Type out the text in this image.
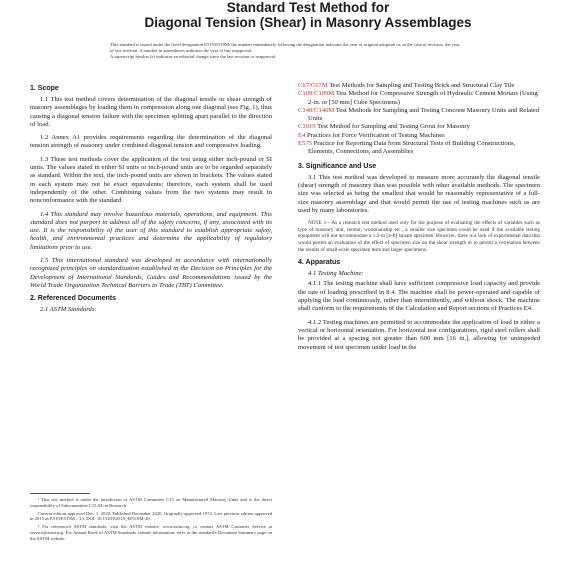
Standard Test Method for
Diagonal Tension (Shear) in Masonry Assemblages
This standard is issued under the fixed designation E519/E519M; the number immediately following the designation indicates the year of original adoption or, in the case of revision, the year of last revision. A number in parentheses indicates the year of last reapproval.
A superscript epsilon (ε) indicates an editorial change since the last revision or reapproval.
1. Scope

1.1 This test method covers determination of the diagonal tensile or shear strength of masonry assemblages by loading them in compression along one diagonal (see Fig. 1), thus causing a diagonal tension failure with the specimen splitting apart parallel to the direction of load.

1.2 Annex A1 provides requirements regarding the determination of the diagonal tension strength of masonry under combined diagonal tension and compressive loading.

1.3 These test methods cover the application of the test using either inch-pound or SI units. The values stated in either SI units or inch-pound units are to be regarded separately as standard. Within the text, the inch-pound units are shown in brackets. The values stated in each system may not be exact equivalents; therefore, each system shall be used independently of the other. Combining values from the two systems may result in nonconformance with the standard.

1.4 This standard may involve hazardous materials, operations, and equipment. This standard does not purport to address all of the safety concerns, if any, associated with its use. It is the responsibility of the user of this standard to establish appropriate safety, health, and environmental practices and determine the applicability of regulatory limitations prior to use.

1.5 This international standard was developed in accordance with internationally recognized principles on standardization established in the Decision on Principles for the Development of International Standards, Guides and Recommendations issued by the World Trade Organization Technical Barriers to Trade (TBT) Committee.

2. Referenced Documents
2.1 ASTM Standards:
C67/C67M Test Methods for Sampling and Testing Brick and Structural Clay Tile
C109/C109M Test Method for Compressive Strength of Hydraulic Cement Mortars (Using 2-in. or [50 mm] Cube Specimens)
C140/C140M Test Methods for Sampling and Testing Concrete Masonry Units and Related Units
C1019 Test Method for Sampling and Testing Grout for Masonry
E4 Practices for Force Verification of Testing Machines
E575 Practice for Reporting Data from Structural Tests of Building Constructions, Elements, Connections, and Assemblies
3. Significance and Use

3.1 This test method was developed to measure more accurately the diagonal tensile (shear) strength of masonry than was possible with other available methods. The specimen size was selected as being the smallest that would be reasonably representative of a full-size masonry assemblage and that would permit the use of testing machines such as are used by many laboratories.

NOTE 1—As a research test method used only for the purpose of evaluating the effects of variables such as type of masonry unit, mortar, workmanship etc., a smaller size specimen could be used if the available testing equipment will not accommodate a 1.2-m [4-ft] square specimen. However, there is a lack of experimental data that would permit an evaluation of the effect of specimen size on the shear strength or to permit a correlation between the results of small-scale specimen tests and larger specimens.
4. Apparatus
4.1 Testing Machine:

4.1.1 The testing machine shall have sufficient compressive load capacity and provide the rate of loading prescribed in 8.4. The machine shall be power-operated and capable of applying the load continuously, rather than intermittently, and without shock. The machine shall conform to the requirements of the Calculation and Report sections of Practices E4.

4.1.2 Testing machines are permitted to accommodate the application of load in either a vertical or horizontal orientation. For horizontal test configurations, rigid steel rollers shall be provided at a spacing not greater than 600 mm [16 in.], allowing for unimpeded movement of test specimen under load in the

¹ This test method is under the jurisdiction of ASTM Committee C15 on Manufactured Masonry Units and is the direct responsibility of Subcommittee C15.04 on Research.
Current edition approved Dec. 1, 2020. Published December 2020. Originally approved 1974. Last previous edition approved in 2015 as E519/E519M – 15. DOI: 10.1520/E0519_E0519M-20.
² For referenced ASTM standards, visit the ASTM website, www.astm.org, or contact ASTM Customer Service at service@astm.org. For Annual Book of ASTM Standards volume information, refer to the standard's Document Summary page on the ASTM website.
